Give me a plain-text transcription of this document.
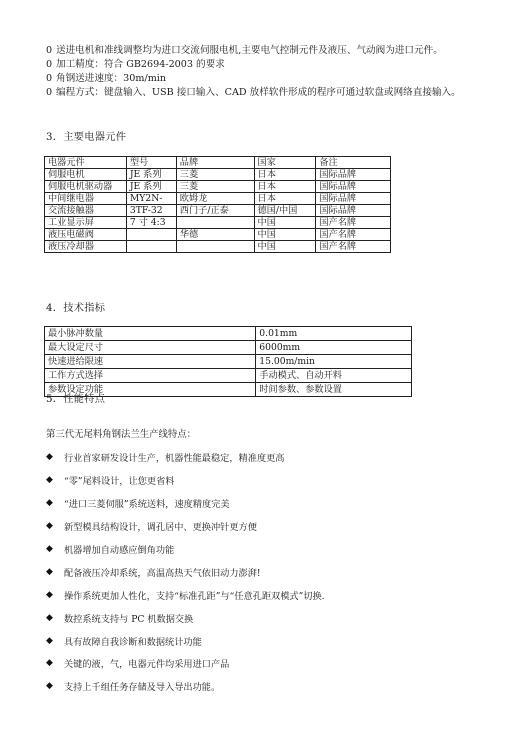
0 送进电机和准线调整均为进口交流伺服电机,主要电气控制元件及液压、气动阀为进口元件。
0 加工精度：符合 GB2694-2003 的要求
0 角钢送进速度：30m/min
0 编程方式：键盘输入、USB 接口输入、CAD 放样软件形成的程序可通过软盘或网络直接输入。
3．主要电器元件
电器元件	型号	品牌	国家	备注
伺服电机	JE 系列	三菱	日本	国际品牌
伺服电机驱动器	JE 系列	三菱	日本	国际品牌
中间继电器	MY2N-	欧姆龙	日本	国际品牌
交流接触器	3TF-32	西门子/正泰	德国/中国	国际品牌
工业显示屏	7 寸 4:3		中国	国产名牌
液压电磁阀		华德	中国	国产名牌
液压冷却器			中国	国产名牌
4．技术指标
最小脉冲数量	0.01mm
最大设定尺寸	6000mm
快速进给限速	15.00m/min
工作方式选择	手动模式、自动开料
参数设定功能	时间参数、参数设置
5．性能特点
第三代无尾料角钢法兰生产线特点：
◆	行业首家研发设计生产，机器性能最稳定，精准度更高
◆	“零”尾料设计，让您更省料
◆	“进口三菱伺服”系统送料，速度精度完美
◆	新型模具结构设计，调孔居中、更换冲针更方便
◆	机器增加自动感应倒角功能
◆	配备液压冷却系统，高温高热天气依旧动力澎湃!
◆	操作系统更加人性化，支持“标准孔距”与“任意孔距双模式”切换.
◆	数控系统支持与 PC 机数据交换
◆	具有故障自我诊断和数据统计功能
◆	关键的液，气，电器元件均采用进口产品
◆	支持上千组任务存储及导入导出功能。
